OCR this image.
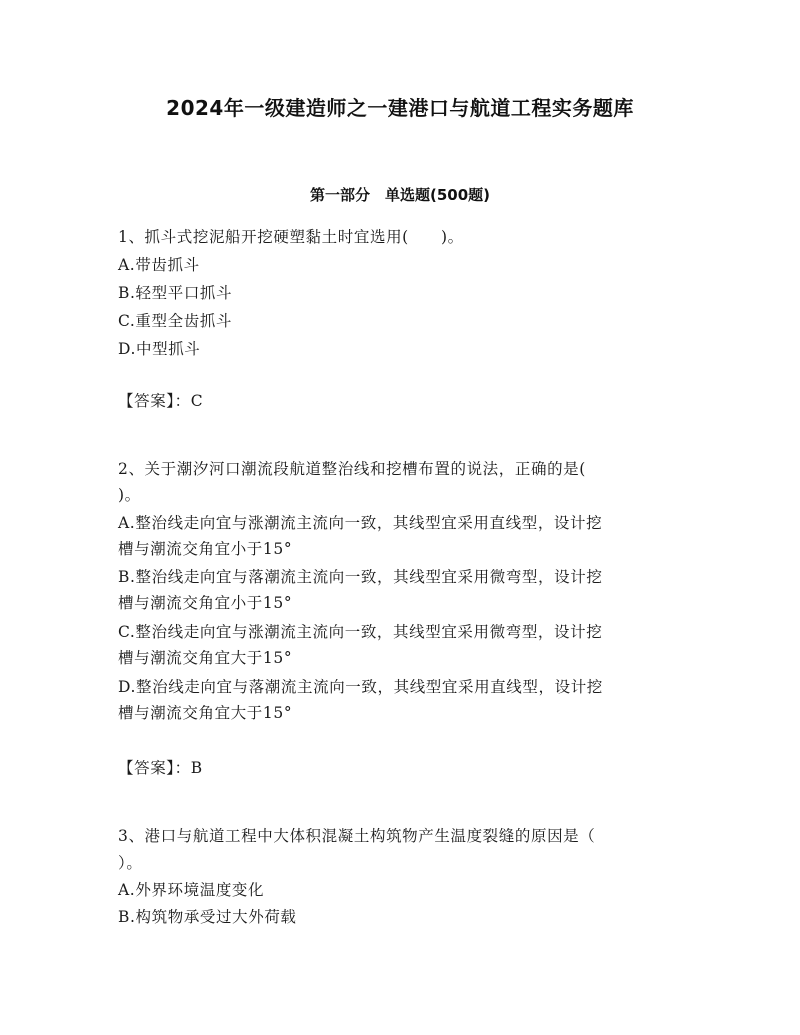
2024年一级建造师之一建港口与航道工程实务题库
第一部分　单选题(500题)
1、抓斗式挖泥船开挖硬塑黏土时宜选用(　　)。
A.带齿抓斗
B.轻型平口抓斗
C.重型全齿抓斗
D.中型抓斗
【答案】：C
2、关于潮汐河口潮流段航道整治线和挖槽布置的说法，正确的是(
)。
A.整治线走向宜与涨潮流主流向一致，其线型宜采用直线型，设计挖
槽与潮流交角宜小于15°
B.整治线走向宜与落潮流主流向一致，其线型宜采用微弯型，设计挖
槽与潮流交角宜小于15°
C.整治线走向宜与涨潮流主流向一致，其线型宜采用微弯型，设计挖
槽与潮流交角宜大于15°
D.整治线走向宜与落潮流主流向一致，其线型宜采用直线型，设计挖
槽与潮流交角宜大于15°
【答案】：B
3、港口与航道工程中大体积混凝土构筑物产生温度裂缝的原因是（
）。
A.外界环境温度变化
B.构筑物承受过大外荷载
